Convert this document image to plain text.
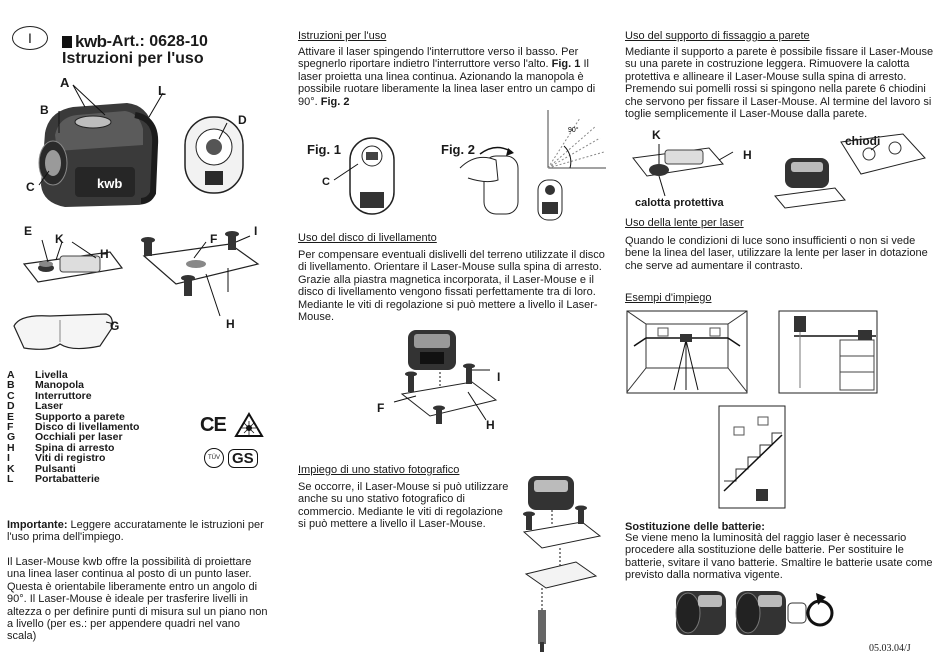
I	kwb -Art.: 0628-10
Istruzioni per l'uso
kwb
A
L
B
C
D
E
K
H
F
I
H
G
A	Livella
B	Manopola
C	Interruttore
D	Laser
E	Supporto a parete
F	Disco di livellamento
G	Occhiali per laser
H	Spina di arresto
I	Viti di registro
K	Pulsanti
L	Portabatterie
CE
TÜV GS
Importante: Leggere accuratamente le istruzioni per l'uso prima dell'impiego.
Il Laser-Mouse kwb offre la possibilità di proiettare una linea laser continua al posto di un punto laser. Questa è orientabile liberamente entro un angolo di 90°. Il Laser-Mouse è ideale per trasferire livelli in altezza o per definire punti di misura sul un piano non a livello (per es.: per appendere quadri nel vano scala)
Istruzioni per l'uso
Attivare il laser spingendo l'interruttore verso il basso. Per spegnerlo riportare indietro l'interruttore verso l'alto. Fig. 1 Il laser proietta una linea continua. Azionando la manopola è possibile ruotare liberamente la linea laser entro un campo di 90°. Fig. 2
Fig. 1	Fig. 2
90°
C
Uso del disco di livellamento
Per compensare eventuali dislivelli del terreno utilizzate il disco di livellamento. Orientare il Laser-Mouse sulla spina di arresto. Grazie alla piastra magnetica incorporata, il Laser-Mouse e il disco di livellamento vengono fissati perfettamente tra di loro. Mediante le viti di regolazione si può mettere a livello il Laser-Mouse.
I
F
H
Impiego di uno stativo fotografico
Se occorre, il Laser-Mouse si può utilizzare anche su uno stativo fotografico di commercio. Mediante le viti di regolazione si può mettere a livello il Laser-Mouse.
Uso del supporto di fissaggio a parete
Mediante il supporto a parete è possibile fissare il Laser-Mouse su una parete in costruzione leggera. Rimuovere la calotta protettiva e allineare il Laser-Mouse sulla spina di arresto. Premendo sui pomelli rossi si spingono nella parete 6 chiodini che servono per fissare il Laser-Mouse. Al termine del lavoro si toglie semplicemente il Laser-Mouse dalla parete.
K
H
chiodi
calotta protettiva
Uso della lente per laser
Quando le condizioni di luce sono insufficienti o non si vede bene la linea del laser, utilizzare la lente per laser in dotazione che serve ad aumentare il contrasto.
Esempi d'impiego
Sostituzione delle batterie:
Se viene meno la luminosità del raggio laser è necessario procedere alla sostituzione delle batterie. Per sostituire le batterie, svitare il vano batterie. Smaltire le batterie usate come previsto dalla normativa vigente.
05.03.04/J
